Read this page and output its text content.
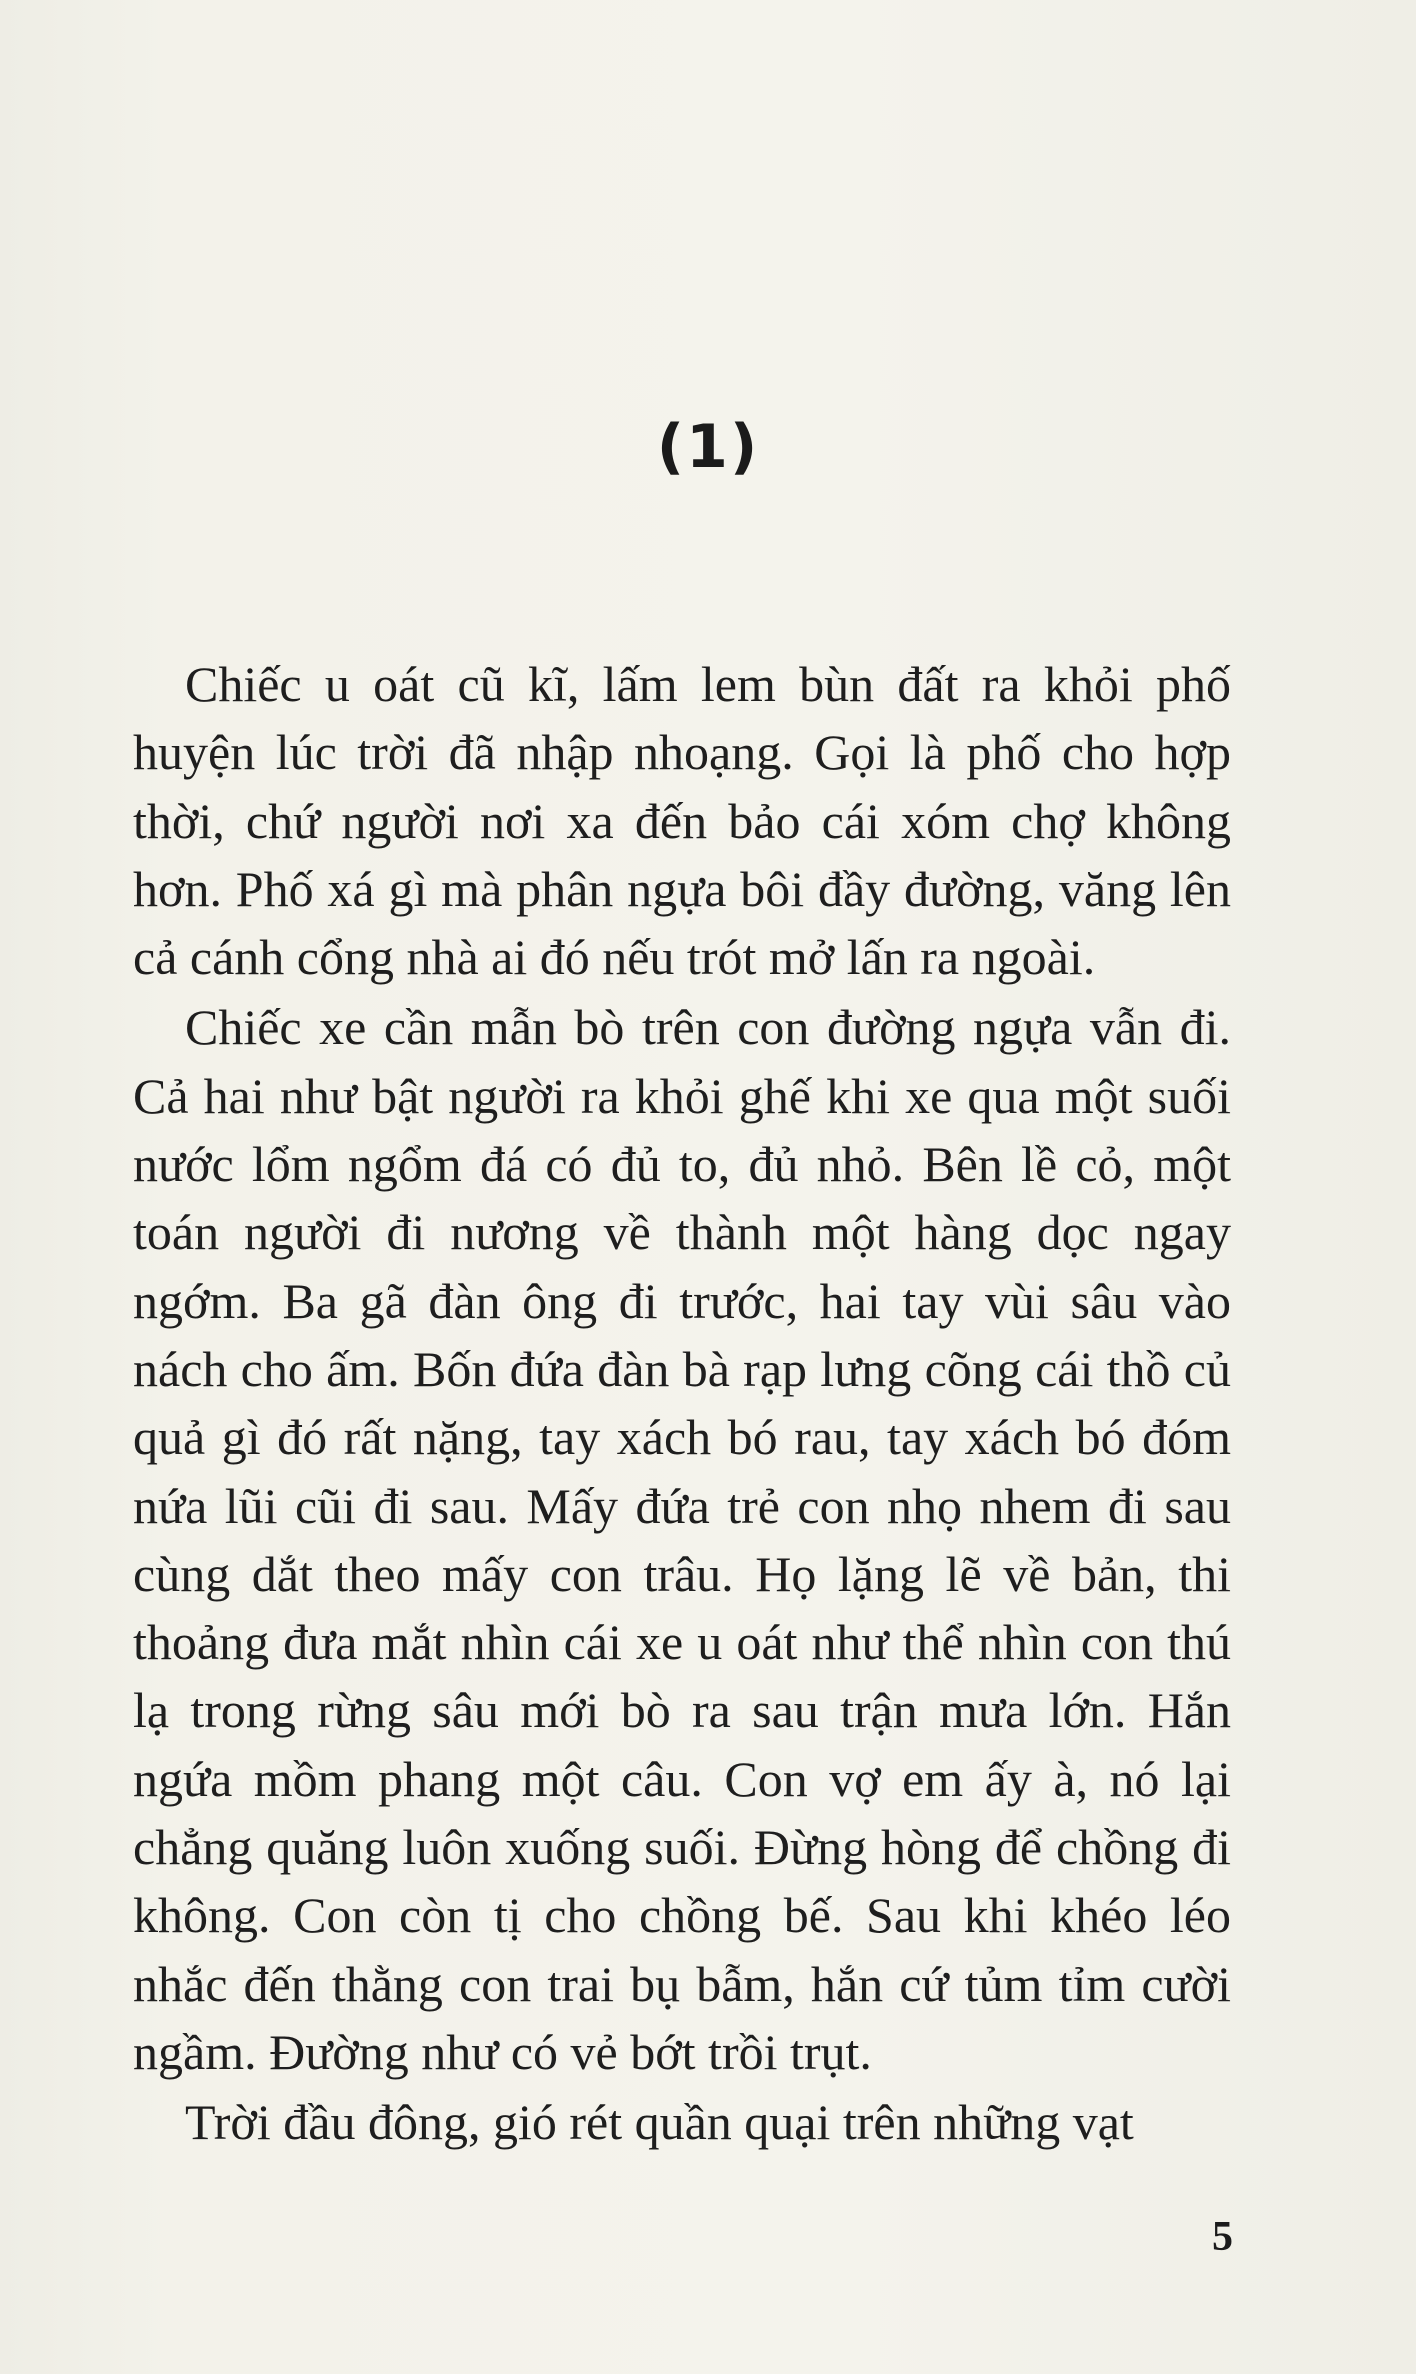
(1)

Chiếc u oát cũ kĩ, lấm lem bùn đất ra khỏi phố huyện lúc trời đã nhập nhoạng. Gọi là phố cho hợp thời, chứ người nơi xa đến bảo cái xóm chợ không hơn. Phố xá gì mà phân ngựa bôi đầy đường, văng lên cả cánh cổng nhà ai đó nếu trót mở lấn ra ngoài.

Chiếc xe cần mẫn bò trên con đường ngựa vẫn đi. Cả hai như bật người ra khỏi ghế khi xe qua một suối nước lổm ngổm đá có đủ to, đủ nhỏ. Bên lề cỏ, một toán người đi nương về thành một hàng dọc ngay ngớm. Ba gã đàn ông đi trước, hai tay vùi sâu vào nách cho ấm. Bốn đứa đàn bà rạp lưng cõng cái thồ củ quả gì đó rất nặng, tay xách bó rau, tay xách bó đóm nứa lũi cũi đi sau. Mấy đứa trẻ con nhọ nhem đi sau cùng dắt theo mấy con trâu. Họ lặng lẽ về bản, thi thoảng đưa mắt nhìn cái xe u oát như thể nhìn con thú lạ trong rừng sâu mới bò ra sau trận mưa lớn. Hắn ngứa mồm phang một câu. Con vợ em ấy à, nó lại chẳng quăng luôn xuống suối. Đừng hòng để chồng đi không. Con còn tị cho chồng bế. Sau khi khéo léo nhắc đến thằng con trai bụ bẫm, hắn cứ tủm tỉm cười ngầm. Đường như có vẻ bớt trồi trụt.

Trời đầu đông, gió rét quần quại trên những vạt

5
